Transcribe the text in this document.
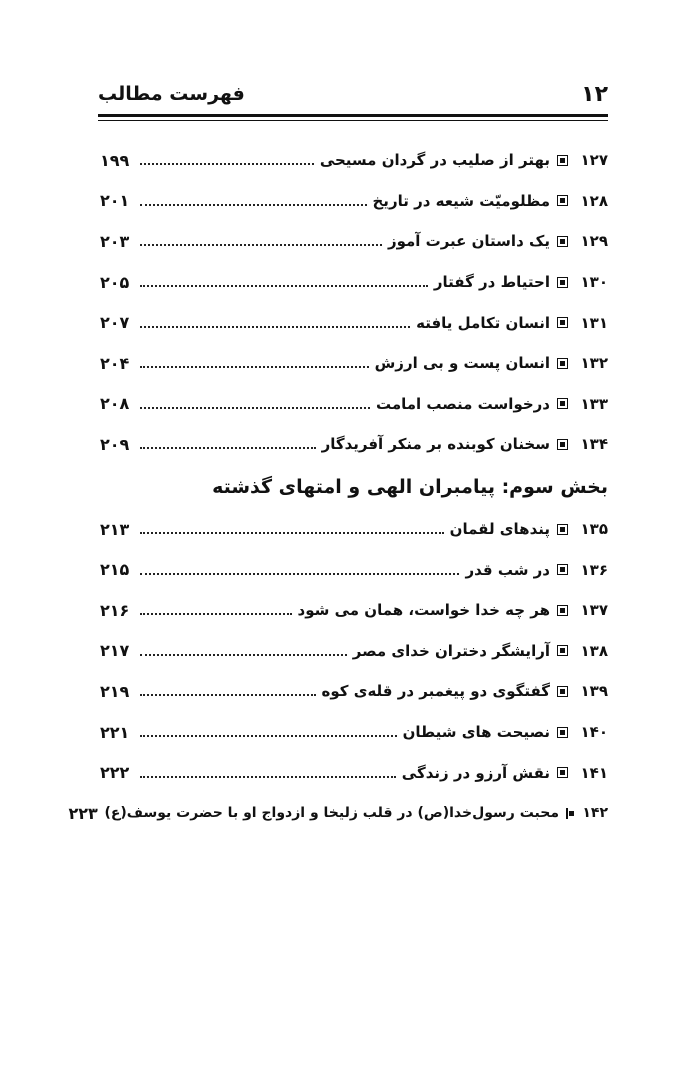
۱۲
فهرست مطالب
۱۲۷
بهتر از صلیب در گردان مسیحی
۱۹۹
۱۲۸
مظلومیّت شیعه در تاریخ
۲۰۱
۱۲۹
یک داستان عبرت آموز
۲۰۳
۱۳۰
احتیاط در گفتار
۲۰۵
۱۳۱
انسان تکامل یافته
۲۰۷
۱۳۲
انسان پست و بی ارزش
۲۰۴
۱۳۳
درخواست منصب امامت
۲۰۸
۱۳۴
سخنان کوبنده بر منکر آفریدگار
۲۰۹
بخش سوم: پیامبران الهی و امتهای گذشته
۱۳۵
پندهای لقمان
۲۱۳
۱۳۶
در شب قدر
۲۱۵
۱۳۷
هر چه خدا خواست، همان می شود
۲۱۶
۱۳۸
آرایشگر دختران خدای مصر
۲۱۷
۱۳۹
گفتگوی دو پیغمبر در قله‌ی کوه
۲۱۹
۱۴۰
نصیحت های شیطان
۲۲۱
۱۴۱
نقش آرزو در زندگی
۲۲۲
۱۴۲
محبت رسول‌خدا(ص) در قلب زلیخا و ازدواج او با حضرت یوسف(ع)
۲۲۳
